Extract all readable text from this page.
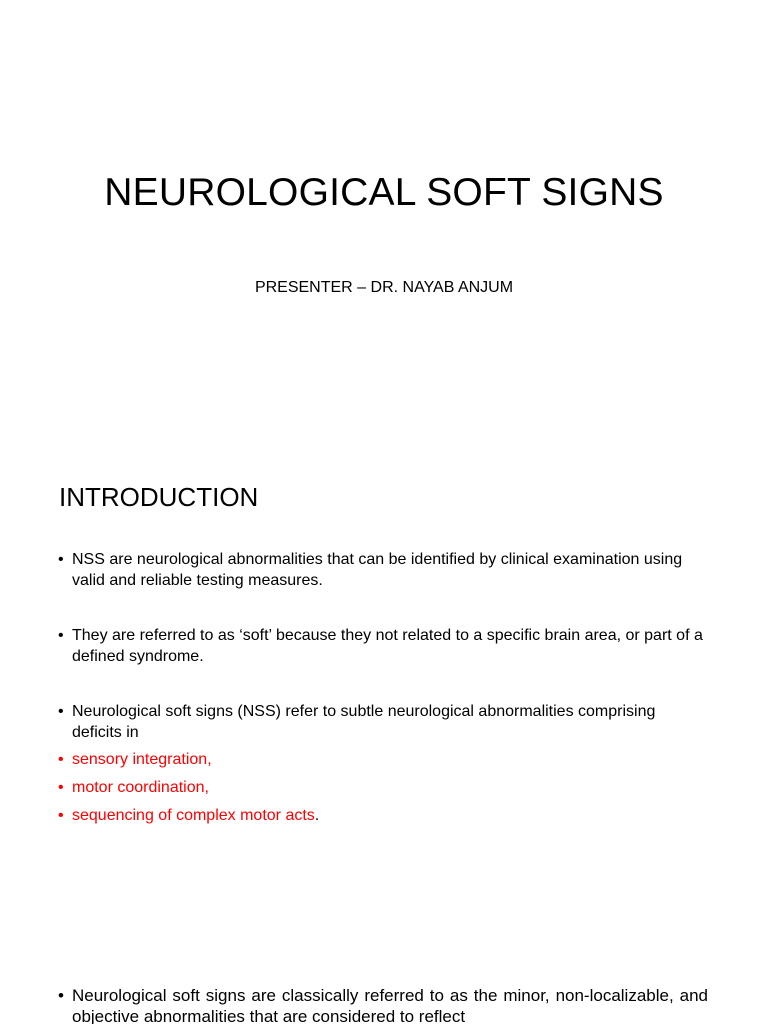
NEUROLOGICAL SOFT SIGNS
PRESENTER – DR. NAYAB ANJUM
INTRODUCTION
• NSS are neurological abnormalities that can be identified by clinical examination using valid and reliable testing measures.
• They are referred to as ‘soft’ because they not related to a specific brain area, or part of a defined syndrome.
• Neurological soft signs (NSS) refer to subtle neurological abnormalities comprising deficits in
• sensory integration,
• motor coordination,
• sequencing of complex motor acts.
• Neurological soft signs are classically referred to as the minor, non-localizable, and objective abnormalities that are considered to reflect
